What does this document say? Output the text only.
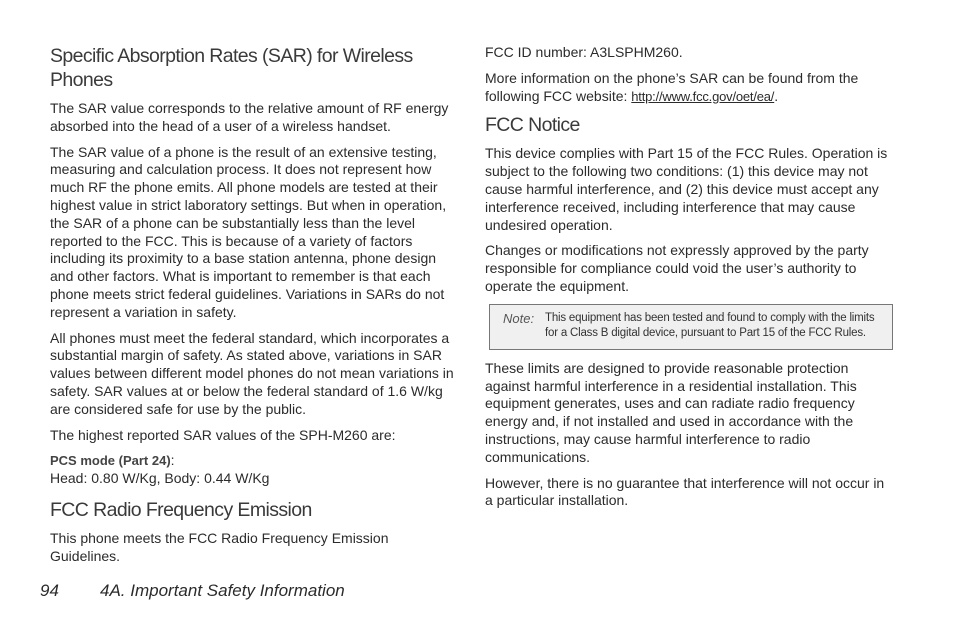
Specific Absorption Rates (SAR) for Wireless Phones

The SAR value corresponds to the relative amount of RF energy absorbed into the head of a user of a wireless handset.

The SAR value of a phone is the result of an extensive testing, measuring and calculation process. It does not represent how much RF the phone emits. All phone models are tested at their highest value in strict laboratory settings. But when in operation, the SAR of a phone can be substantially less than the level reported to the FCC. This is because of a variety of factors including its proximity to a base station antenna, phone design and other factors. What is important to remember is that each phone meets strict federal guidelines. Variations in SARs do not represent a variation in safety.

All phones must meet the federal standard, which incorporates a substantial margin of safety. As stated above, variations in SAR values between different model phones do not mean variations in safety. SAR values at or below the federal standard of 1.6 W/kg are considered safe for use by the public.

The highest reported SAR values of the SPH-M260 are:

PCS mode (Part 24):
Head: 0.80 W/Kg, Body: 0.44 W/Kg

FCC Radio Frequency Emission

This phone meets the FCC Radio Frequency Emission Guidelines.

FCC ID number: A3LSPHM260.

More information on the phone’s SAR can be found from the following FCC website: http://www.fcc.gov/oet/ea/.

FCC Notice

This device complies with Part 15 of the FCC Rules. Operation is subject to the following two conditions: (1) this device may not cause harmful interference, and (2) this device must accept any interference received, including interference that may cause undesired operation.

Changes or modifications not expressly approved by the party responsible for compliance could void the user’s authority to operate the equipment.

Note: This equipment has been tested and found to comply with the limits for a Class B digital device, pursuant to Part 15 of the FCC Rules.

These limits are designed to provide reasonable protection against harmful interference in a residential installation. This equipment generates, uses and can radiate radio frequency energy and, if not installed and used in accordance with the instructions, may cause harmful interference to radio communications.

However, there is no guarantee that interference will not occur in a particular installation.

94 4A. Important Safety Information
